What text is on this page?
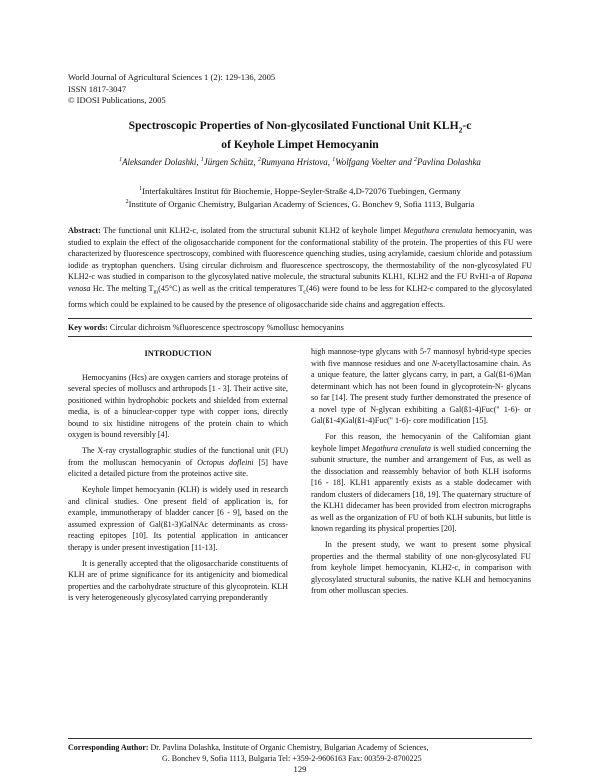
World Journal of Agricultural Sciences 1 (2): 129-136, 2005
ISSN 1817-3047
© IDOSI Publications, 2005
Spectroscopic Properties of Non-glycosilated Functional Unit $KLH_2-c$
of Keyhole Limpet Hemocyanin
$^1$Aleksander Dolashki, $^1$Jürgen Schütz, $^2$Rumyana Hristova, $^1$Wolfgang Voelter and $^2$Pavlina Dolashka
$^1$Interfakultäres Institut für Biochemie, Hoppe-Seyler-Straße 4,D-72076 Tuebingen, Germany
$^2$Institute of Organic Chemistry, Bulgarian Academy of Sciences, G. Bonchev 9, Sofia 1113, Bulgaria
Abstract: The functional unit KLH2-c, isolated from the structural subunit KLH2 of keyhole limpet Megathura crenulata hemocyanin, was studied to explain the effect of the oligosaccharide component for the conformational stability of the protein. The properties of this FU were characterized by fluorescence spectroscopy, combined with fluorescence quenching studies, using acrylamide, caesium chloride and potassium iodide as tryptophan quenchers. Using circular dichroism and fluorescence spectroscopy, the thermostability of the non-glycosylated FU KLH2-c was studied in comparison to the glycosylated native molecule, the structural subunits KLH1, KLH2 and the FU RvH1-a of Rapana venosa Hc. The melting $T_m(45^\circ C)$ as well as the critical temperatures $T_c(46)$ were found to be less for KLH2-c compared to the glycosylated forms which could be explained to be caused by the presence of oligosaccharide side chains and aggregation effects.
Key words: Circular dichroism %fluorescence spectroscopy %mollusc hemocyanins
INTRODUCTION

Hemocyanins (Hcs) are oxygen carriers and storage proteins of several species of molluscs and arthropods [1 - 3]. Their active site, positioned within hydrophobic pockets and shielded from external media, is of a binuclear-copper type with copper ions, directly bound to six histidine nitrogens of the protein chain to which oxygen is bound reversibly [4].

The X-ray crystallographic studies of the functional unit (FU) from the molluscan hemocyanin of Octopus dofleini [5] have elicited a detailed picture from the proteinos active site.

Keyhole limpet hemocyanin (KLH) is widely used in research and clinical studies. One present field of application is, for example, immunotherapy of bladder cancer [6 - 9], based on the assumed expression of Gal(ß1-3)GalNAc determinants as cross-reacting epitopes [10]. Its potential application in anticancer therapy is under present investigation [11-13].

It is generally accepted that the oligosaccharide constituents of KLH are of prime significance for its antigenicity and biomedical properties and the carbohydrate structure of this glycoprotein. KLH is very heterogeneously glycosylated carrying preponderantly

high mannose-type glycans with 5-7 mannosyl hybrid-type species with five mannose residues and one N-acetyllactosamine chain. As a unique feature, the latter glycans carry, in part, a Gal(ß1-6)Man determinant which has not been found in glycoprotein-N- glycans so far [14]. The present study further demonstrated the presence of a novel type of N-glycan exhibiting a Gal(ß1-4)Fuc(" 1-6)- or Gal(ß1-4)Gal(ß1-4)Fuc(" 1-6)- core modification [15].

For this reason, the hemocyanin of the Californian giant keyhole limpet Megathura crenulata is well studied concerning the subunit structure, the number and arrangement of Fus, as well as the dissociation and reassembly behavior of both KLH isoforms [16 - 18]. KLH1 apparently exists as a stable dodecamer with random clusters of didecamers [18, 19]. The quaternary structure of the KLH1 didecamer has been provided from electron micrographs as well as the organization of FU of both KLH subunits, but little is known regarding its physical properties [20].

In the present study, we want to present some physical properties and the thermal stability of one non-glycosylated FU from keyhole limpet hemocyanin, KLH2-c, in comparison with glycosylated structural subunits, the native KLH and hemocyanins from other molluscan species.

Corresponding Author: Dr. Pavlina Dolashka, Institute of Organic Chemistry, Bulgarian Academy of Sciences,
G. Bonchev 9, Sofia 1113, Bulgaria Tel: +359-2-9606163 Fax: 00359-2-8700225
129
